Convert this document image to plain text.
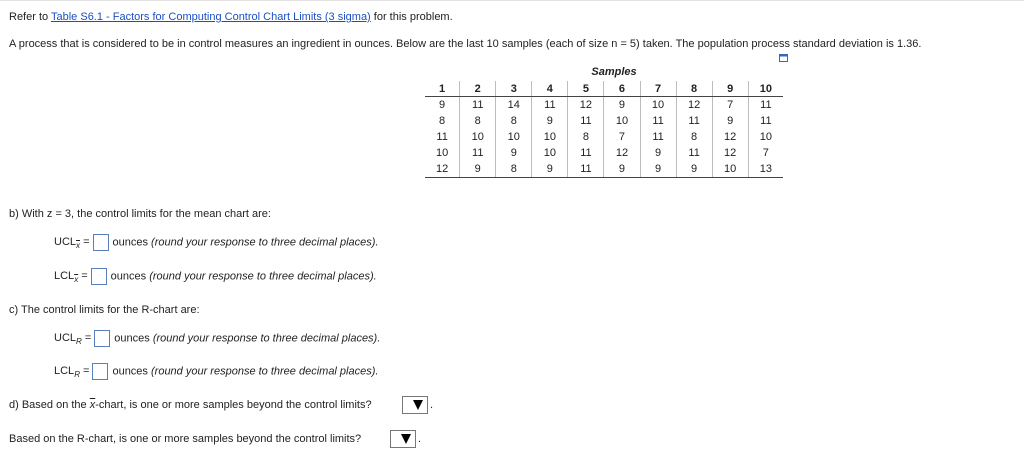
Refer to Table S6.1 - Factors for Computing Control Chart Limits (3 sigma) for this problem.
A process that is considered to be in control measures an ingredient in ounces. Below are the last 10 samples (each of size n = 5) taken. The population process standard deviation is 1.36.
Samples
1	2	3	4	5	6	7	8	9	10
9	11	14	11	12	9	10	12	7	11
8	8	8	9	11	10	11	11	9	11
11	10	10	10	8	7	11	8	12	10
10	11	9	10	11	12	9	11	12	7
12	9	8	9	11	9	9	9	10	13
b) With z = 3, the control limits for the mean chart are:
$UCL_{\overline{x}}$ = ounces (round your response to three decimal places).
$LCL_{\overline{x}}$ = ounces (round your response to three decimal places).
c) The control limits for the R-chart are:
$UCL_R$ = ounces (round your response to three decimal places).
$LCL_R$ = ounces (round your response to three decimal places).
d) Based on the $\overline{x}$-chart, is one or more samples beyond the control limits?	.
Based on the R-chart, is one or more samples beyond the control limits?	.
